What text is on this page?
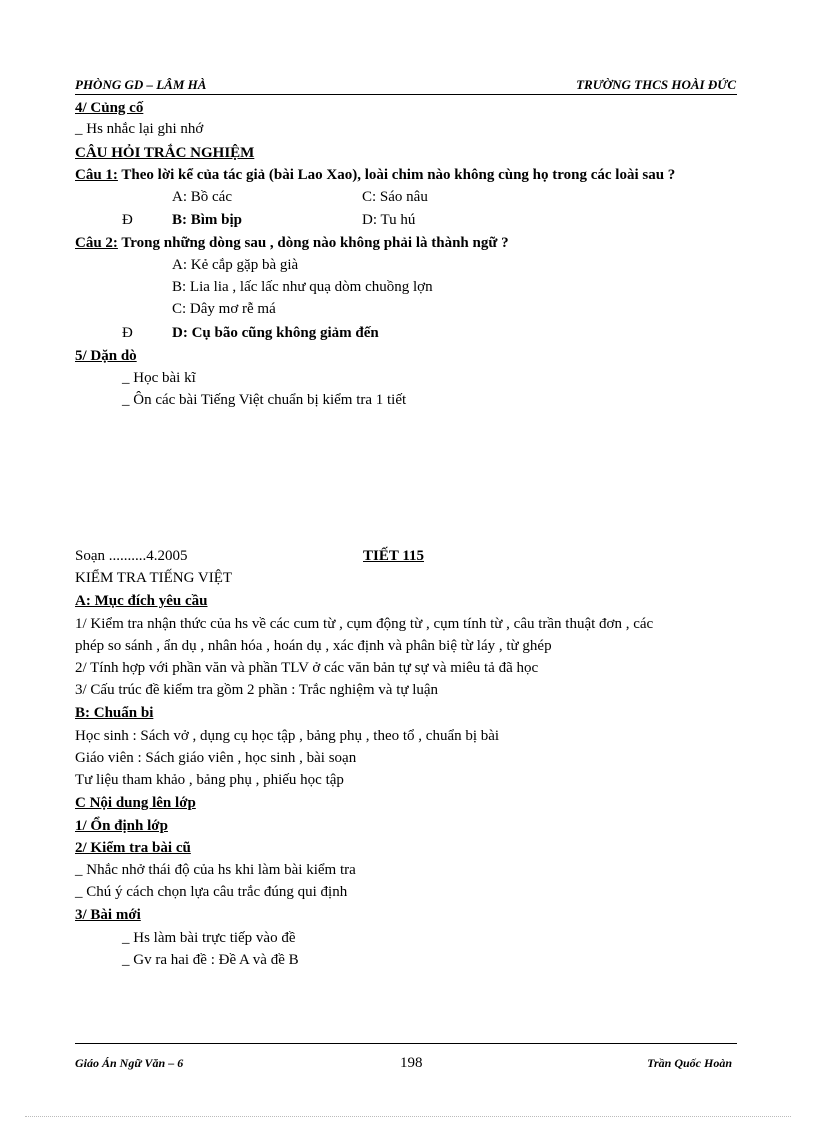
PHÒNG GD – LÂM HÀ	TRƯỜNG THCS HOÀI ĐỨC
4/ Củng cố
_ Hs nhắc lại ghi nhớ
CÂU HỎI TRẮC NGHIỆM
Câu 1: Theo lời kể của tác giả (bài Lao Xao), loài chim nào không cùng họ trong các loài sau ?
A: Bồ các	C: Sáo nâu
Đ	B: Bìm bịp	D: Tu hú
Câu 2: Trong những dòng sau , dòng nào không phải là thành ngữ ?
A: Kẻ cắp gặp bà già
B: Lia lia , lấc lấc như quạ dòm chuồng lợn
C: Dây mơ rễ má
Đ	D: Cụ bão cũng không giảm đến
5/ Dặn dò
_ Học bài kĩ
_ Ôn các bài Tiếng Việt chuẩn bị kiểm tra 1 tiết
Soạn ..........4.2005	TIẾT 115
KIỂM TRA TIẾNG VIỆT
A: Mục đích yêu cầu
1/ Kiểm tra nhận thức của hs về các cum từ , cụm động từ , cụm tính từ , câu trần thuật đơn , các
phép so sánh , ẩn dụ , nhân hóa , hoán dụ , xác định và phân biệ từ láy , từ ghép
2/ Tính hợp với phần văn và phần TLV ở các văn bản tự sự và miêu tả đã học
3/ Cấu trúc đề kiểm tra gồm 2 phần : Trắc nghiệm và tự luận
B: Chuẩn bi
Học sinh : Sách vở , dụng cụ học tập , bảng phụ , theo tổ , chuẩn bị bài
Giáo viên : Sách giáo viên , học sinh , bài soạn
Tư liệu tham khảo , bảng phụ , phiếu học tập
C Nội dung lên lớp
1/ Ổn định lớp
2/ Kiểm tra bài cũ
_ Nhắc nhở thái độ của hs khi làm bài kiểm tra
_ Chú ý cách chọn lựa câu trắc đúng qui định
3/ Bài mới
_ Hs làm bài trực tiếp vào đề
_ Gv ra hai đề : Đề A và đề B
Giáo Án Ngữ Văn – 6	198	Trần Quốc Hoàn
